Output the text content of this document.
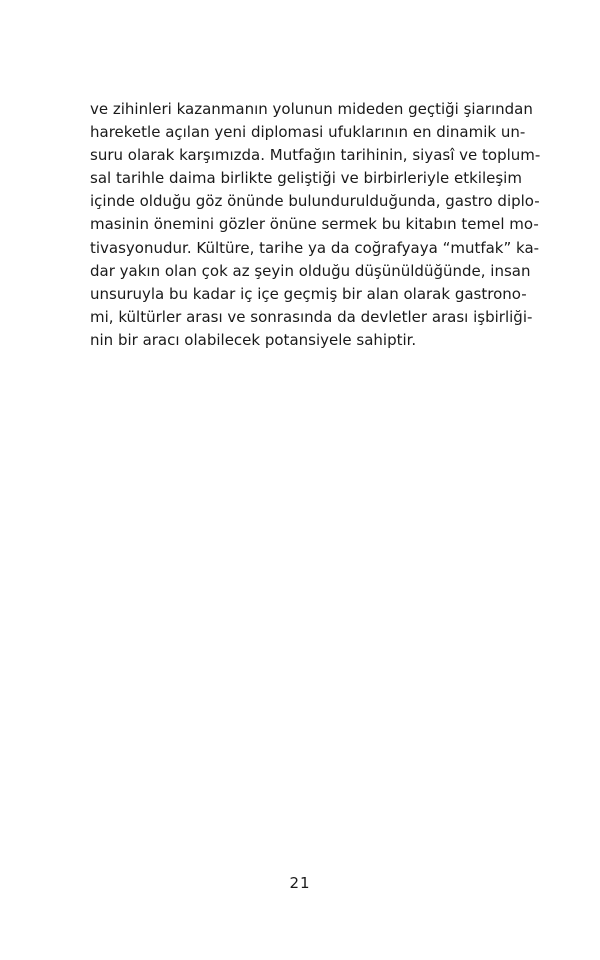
ve zihinleri kazanmanın yolunun mideden geçtiği şiarından
hareketle açılan yeni diplomasi ufuklarının en dinamik un-
suru olarak karşımızda. Mutfağın tarihinin, siyasî ve toplum-
sal tarihle daima birlikte geliştiği ve birbirleriyle etkileşim
içinde olduğu göz önünde bulundurulduğunda, gastro diplo-
masinin önemini gözler önüne sermek bu kitabın temel mo-
tivasyonudur. Kültüre, tarihe ya da coğrafyaya “mutfak” ka-
dar yakın olan çok az şeyin olduğu düşünüldüğünde, insan
unsuruyla bu kadar iç içe geçmiş bir alan olarak gastrono-
mi, kültürler arası ve sonrasında da devletler arası işbirliği-
nin bir aracı olabilecek potansiyele sahiptir.
21
